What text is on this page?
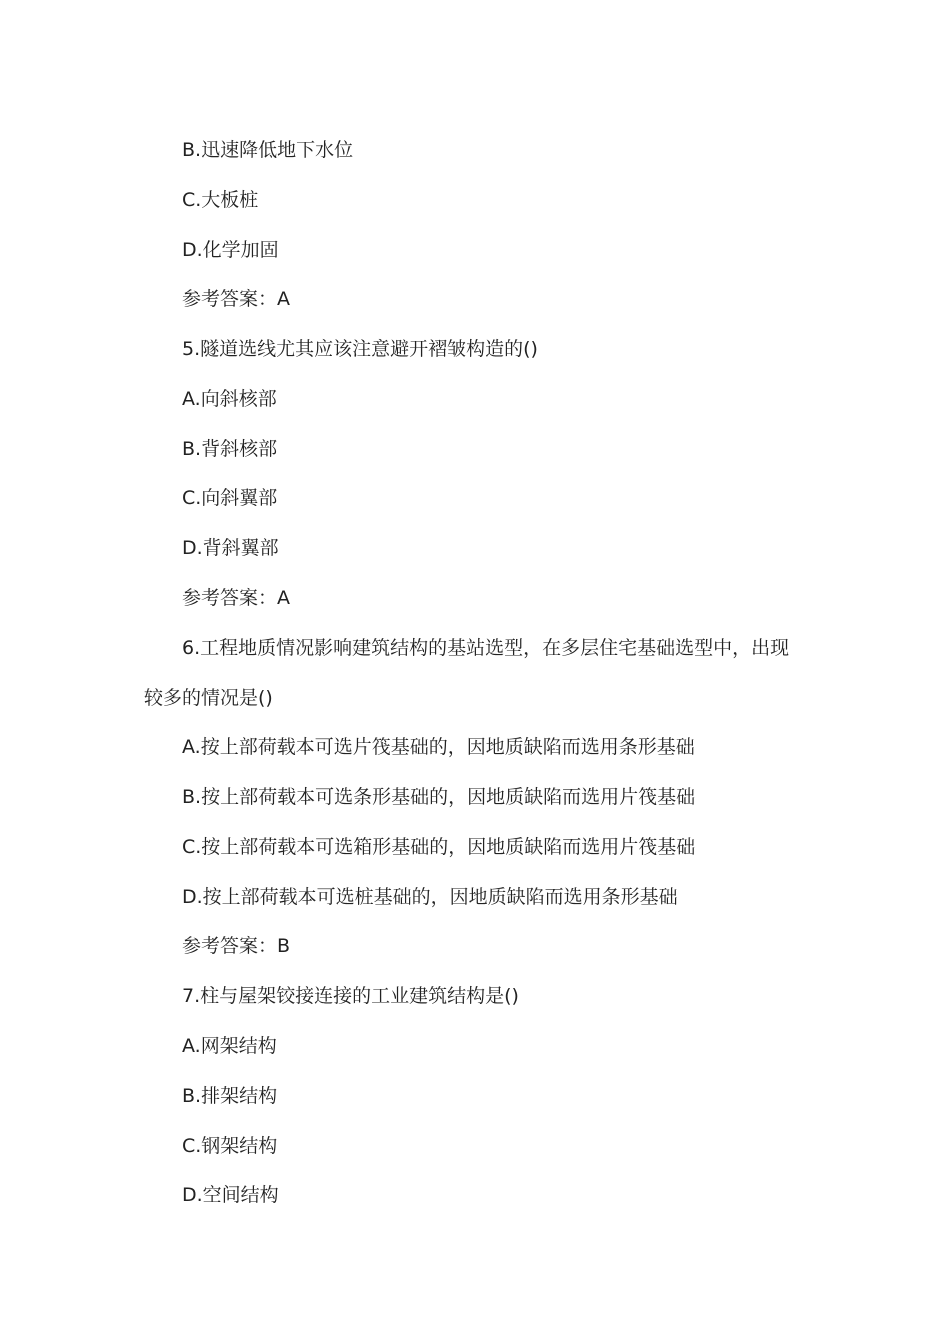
B.迅速降低地下水位
C.大板桩
D.化学加固
参考答案：A
5.隧道选线尤其应该注意避开褶皱构造的()
A.向斜核部
B.背斜核部
C.向斜翼部
D.背斜翼部
参考答案：A
6.工程地质情况影响建筑结构的基站选型，在多层住宅基础选型中，出现
较多的情况是()
A.按上部荷载本可选片筏基础的，因地质缺陷而选用条形基础
B.按上部荷载本可选条形基础的，因地质缺陷而选用片筏基础
C.按上部荷载本可选箱形基础的，因地质缺陷而选用片筏基础
D.按上部荷载本可选桩基础的，因地质缺陷而选用条形基础
参考答案：B
7.柱与屋架铰接连接的工业建筑结构是()
A.网架结构
B.排架结构
C.钢架结构
D.空间结构
